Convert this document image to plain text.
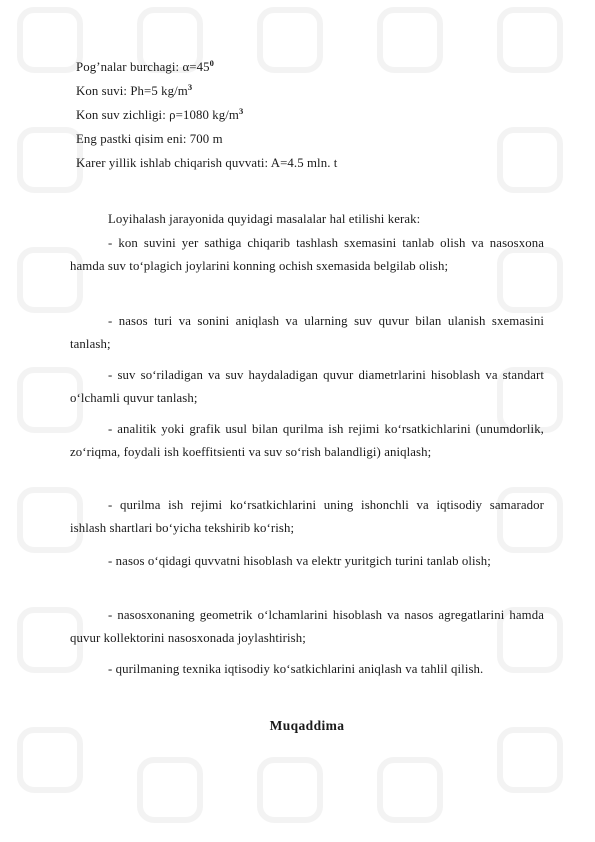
Pog’nalar burchagi: $\alpha=45^0$
Kon suvi: Ph=5 $kg/m^3$
Kon suv zichligi: ρ=1080 $kg/m^3$
Eng pastki qisim eni: 700 m
Karer yillik ishlab chiqarish quvvati: A=4.5 mln. t
Loyihalash jarayonida quyidagi masalalar hal etilishi kerak:
- kon suvini yer sathiga chiqarib tashlash sxemasini tanlab olish va nasosxona hamda suv to‘plagich joylarini konning ochish sxemasida belgilab olish;
- nasos turi va sonini aniqlash va ularning suv quvur bilan ulanish sxemasini tanlash;
- suv so‘riladigan va suv haydaladigan quvur diametrlarini hisoblash va standart o‘lchamli quvur tanlash;
- analitik yoki grafik usul bilan qurilma ish rejimi ko‘rsatkichlarini (unumdorlik, zo‘riqma, foydali ish koeffitsienti va suv so‘rish balandligi) aniqlash;
- qurilma ish rejimi ko‘rsatkichlarini uning ishonchli va iqtisodiy samarador ishlash shartlari bo‘yicha tekshirib ko‘rish;
- nasos o‘qidagi quvvatni hisoblash va elektr yuritgich turini tanlab olish;
- nasosxonaning geometrik o‘lchamlarini hisoblash va nasos agregatlarini hamda quvur kollektorini nasosxonada joylashtirish;
- qurilmaning texnika iqtisodiy ko‘satkichlarini aniqlash va tahlil qilish.
Muqaddima
